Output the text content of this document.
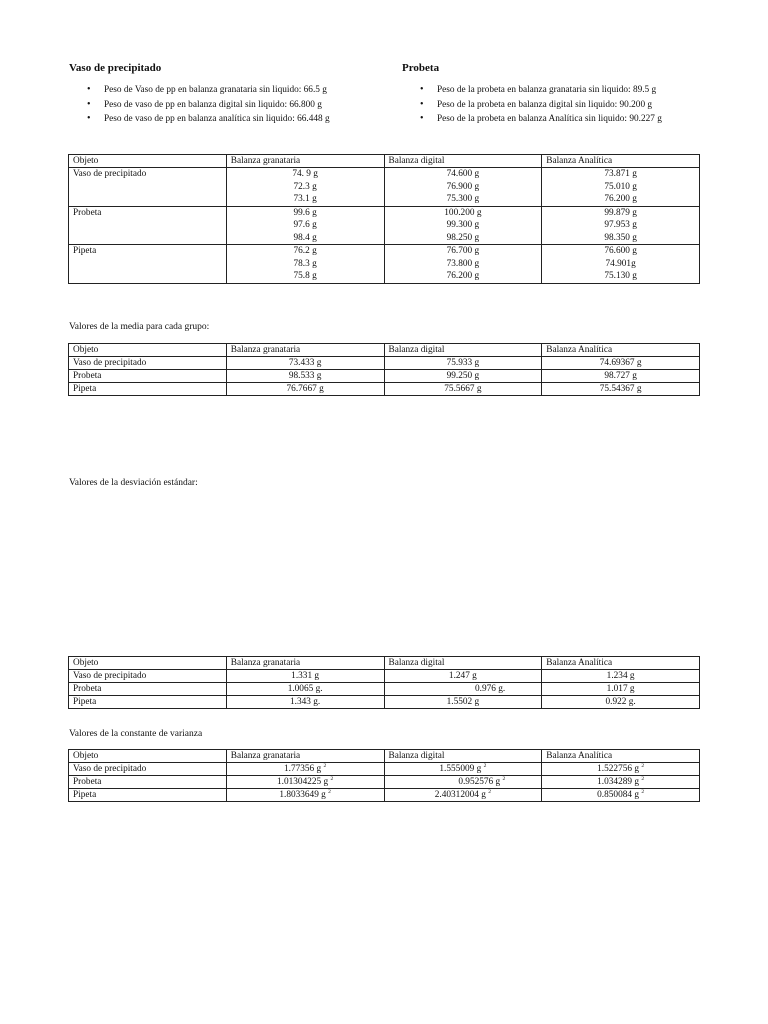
Vaso de precipitado	Probeta
• Peso de Vaso de pp en balanza granataria sin liquido: 66.5 g
• Peso de vaso de pp en balanza digital sin liquido: 66.800 g
• Peso de vaso de pp en balanza analítica sin liquido: 66.448 g
• Peso de la probeta en balanza granataria sin liquido: 89.5 g
• Peso de la probeta en balanza digital sin liquido: 90.200 g
• Peso de la probeta en balanza Analítica sin liquido: 90.227 g
Objeto	Balanza granataria	Balanza digital	Balanza Analítica
Vaso de precipitado	74. 9 g
72.3 g
73.1 g	74.600 g
76.900 g
75.300 g	73.871 g
75.010 g
76.200 g

Probeta	99.6 g
97.6 g
98.4 g	100.200 g
99.300 g
98.250 g	99.879 g
97.953 g
98.350 g

Pipeta	76.2 g
78.3 g
75.8 g	76.700 g
73.800 g
76.200 g	76.600 g
74.901g
75.130 g
Valores de la media para cada grupo:
Objeto	Balanza granataria	Balanza digital	Balanza Analítica
Vaso de precipitado	73.433 g	75.933 g	74.69367 g
Probeta	98.533 g	99.250 g	98.727 g
Pipeta	76.7667 g	75.5667 g	75.54367 g
Valores de la desviación estándar:
Objeto	Balanza granataria	Balanza digital	Balanza Analítica
Vaso de precipitado	1.331 g	1.247 g	1.234 g
Probeta	1.0065 g.	0.976 g.	1.017 g
Pipeta	1.343 g.	1.5502 g	0.922 g.
Valores de la constante de varianza
Objeto	Balanza granataria	Balanza digital	Balanza Analítica
Vaso de precipitado	1.77356 g $^2$	1.555009 g $^2$	1.522756 g $^2$
Probeta	1.01304225 g $^2$	0.952576 g $^2$	1.034289 g $^2$
Pipeta	1.8033649 g $^2$	2.40312004 g $^2$	0.850084 g $^2$
